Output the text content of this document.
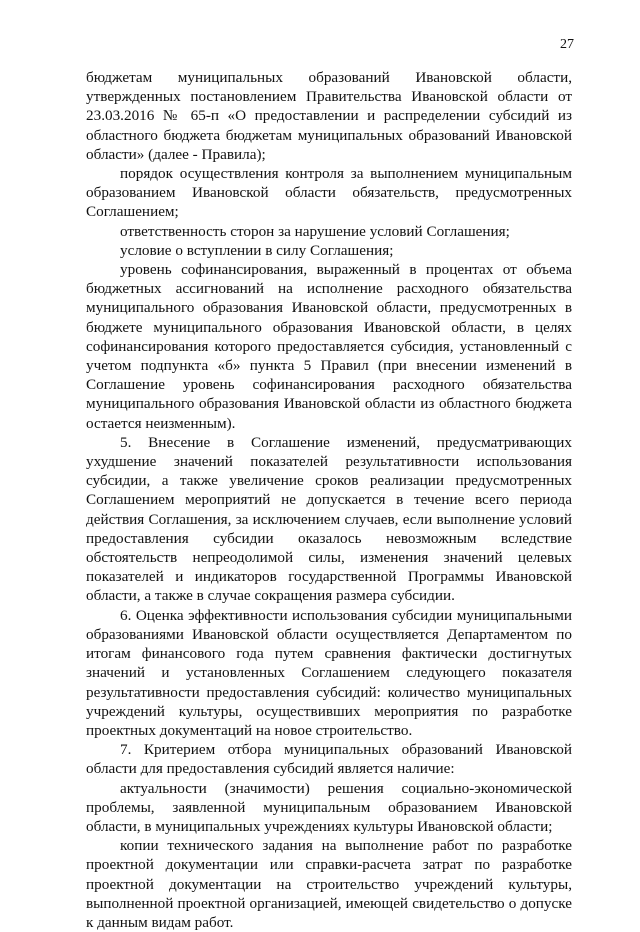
27

бюджетам муниципальных образований Ивановской области, утвержденных постановлением Правительства Ивановской области от 23.03.2016 № 65-п «О предоставлении и распределении субсидий из областного бюджета бюджетам муниципальных образований Ивановской области» (далее - Правила);

порядок осуществления контроля за выполнением муниципальным образованием Ивановской области обязательств, предусмотренных Соглашением;

ответственность сторон за нарушение условий Соглашения;

условие о вступлении в силу Соглашения;

уровень софинансирования, выраженный в процентах от объема бюджетных ассигнований на исполнение расходного обязательства муниципального образования Ивановской области, предусмотренных в бюджете муниципального образования Ивановской области, в целях софинансирования которого предоставляется субсидия, установленный с учетом подпункта «б» пункта 5 Правил (при внесении изменений в Соглашение уровень софинансирования расходного обязательства муниципального образования Ивановской области из областного бюджета остается неизменным).

5. Внесение в Соглашение изменений, предусматривающих ухудшение значений показателей результативности использования субсидии, а также увеличение сроков реализации предусмотренных Соглашением мероприятий не допускается в течение всего периода действия Соглашения, за исключением случаев, если выполнение условий предоставления субсидии оказалось невозможным вследствие обстоятельств непреодолимой силы, изменения значений целевых показателей и индикаторов государственной Программы Ивановской области, а также в случае сокращения размера субсидии.

6. Оценка эффективности использования субсидии муниципальными образованиями Ивановской области осуществляется Департаментом по итогам финансового года путем сравнения фактически достигнутых значений и установленных Соглашением следующего показателя результативности предоставления субсидий: количество муниципальных учреждений культуры, осуществивших мероприятия по разработке проектных документаций на новое строительство.

7. Критерием отбора муниципальных образований Ивановской области для предоставления субсидий является наличие:

актуальности (значимости) решения социально-экономической проблемы, заявленной муниципальным образованием Ивановской области, в муниципальных учреждениях культуры Ивановской области;

копии технического задания на выполнение работ по разработке проектной документации или справки-расчета затрат по разработке проектной документации на строительство учреждений культуры, выполненной проектной организацией, имеющей свидетельство о допуске к данным видам работ.
